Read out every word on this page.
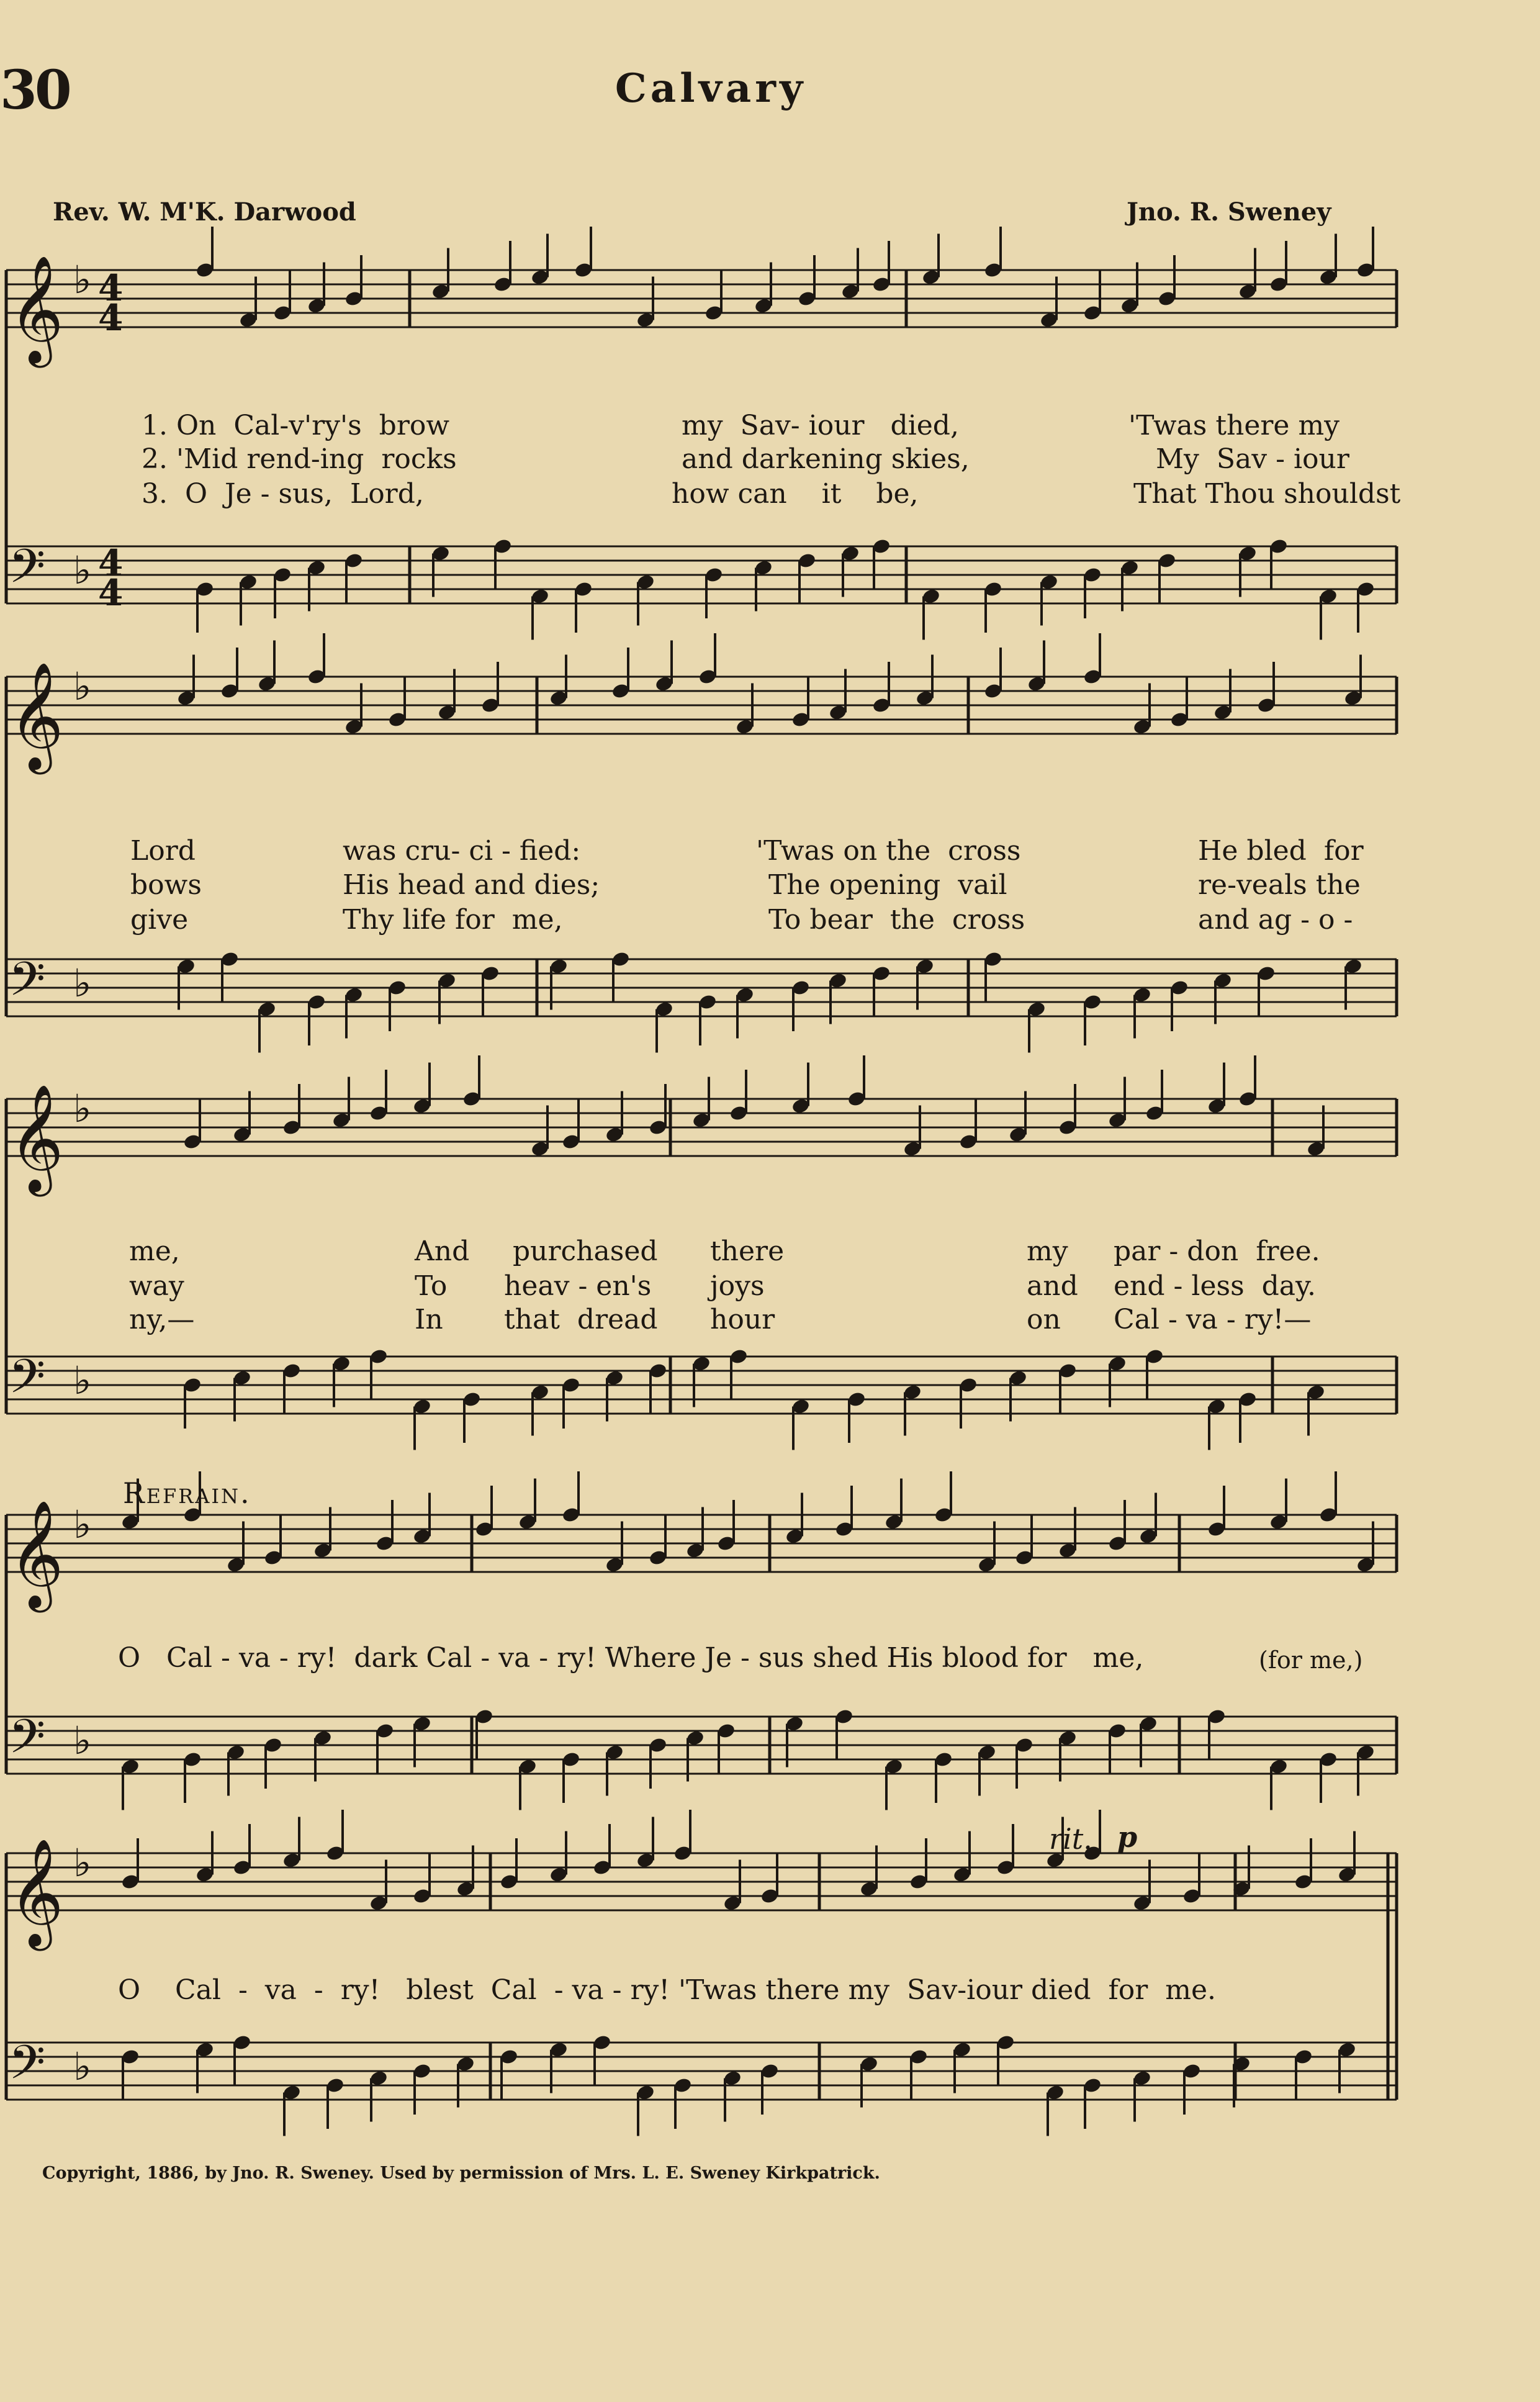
30	Calvary
Rev. W. M'K. Darwood	Jno. R. Sweney
𝄞 ♭
𝄢 ♭
𝄞 ♭
𝄢 ♭
𝄞 ♭
𝄢 ♭
𝄞 ♭
𝄢 ♭
𝄞 ♭
𝄢 ♭
4
4
4
4
1. On  Cal-v'ry's  brow	my  Sav- iour   died,	'Twas there my
2. 'Mid rend-ing  rocks	and darkening skies,	My  Sav - iour
3.  O  Je - sus,  Lord,	how can    it    be,	That Thou shouldst
Lord	was cru- ci - fied:	'Twas on the  cross	He bled  for
bows	His head and dies;	The opening  vail	re-veals the
give	Thy life for  me,	To bear  the  cross	and ag - o -
me,	And purchased there	my par - don  free.
way	To heav - en's joys	and end - less  day.
ny,—	In that  dread hour	on Cal - va - ry!—
Refrain.
O   Cal - va - ry!  dark Cal - va - ry! Where Je - sus shed His blood for   me,	(for me,)
rit. p
O    Cal  -  va  -  ry!   blest  Cal  - va - ry! 'Twas there my  Sav-iour died  for  me.
Copyright, 1886, by Jno. R. Sweney. Used by permission of Mrs. L. E. Sweney Kirkpatrick.
